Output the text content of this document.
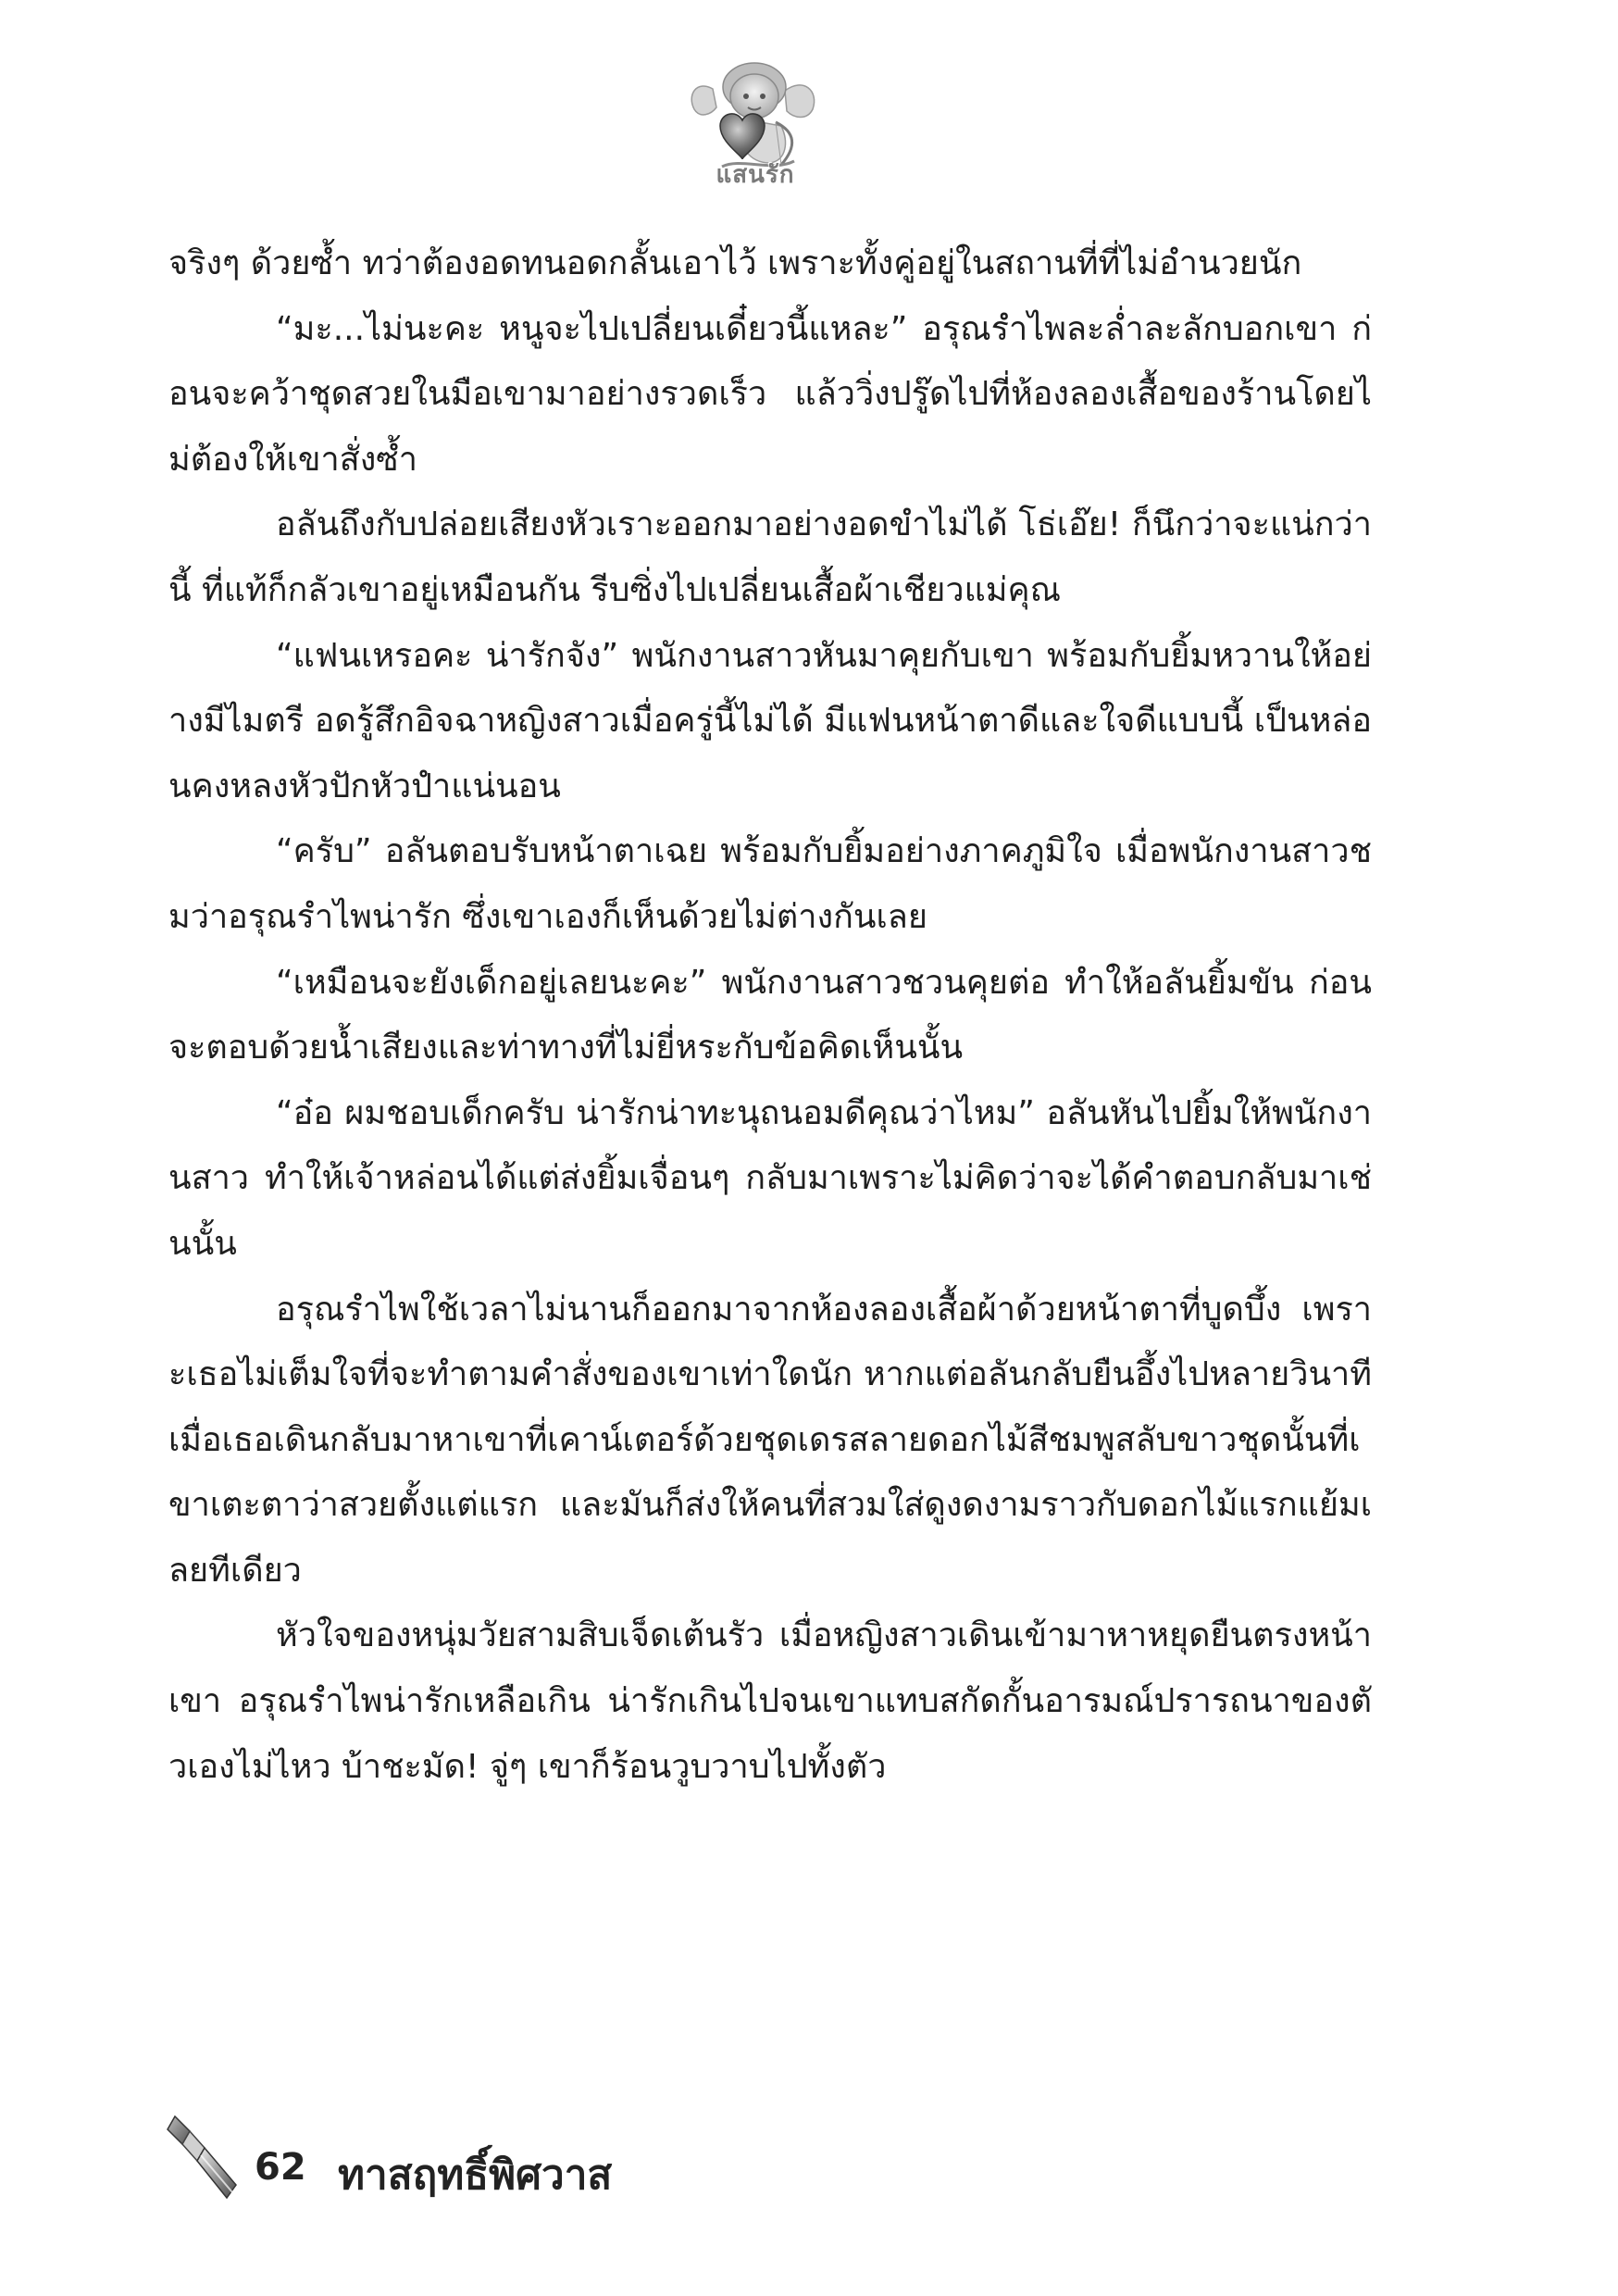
แสนรัก

จริงๆ ด้วยซ้ำ ทว่าต้องอดทนอดกลั้นเอาไว้ เพราะทั้งคู่อยู่ในสถานที่ที่ไม่อำนวยนัก

“มะ...ไม่นะคะ หนูจะไปเปลี่ยนเดี๋ยวนี้แหละ” อรุณรำไพละล่ำละลักบอกเขา ก่อนจะคว้าชุดสวยในมือเขามาอย่างรวดเร็ว แล้ววิ่งปรู๊ดไปที่ห้องลองเสื้อของร้านโดยไม่ต้องให้เขาสั่งซ้ำ

อลันถึงกับปล่อยเสียงหัวเราะออกมาอย่างอดขำไม่ได้ โธ่เอ๊ย! ก็นึกว่าจะแน่กว่านี้ ที่แท้ก็กลัวเขาอยู่เหมือนกัน รีบซิ่งไปเปลี่ยนเสื้อผ้าเชียวแม่คุณ

“แฟนเหรอคะ น่ารักจัง” พนักงานสาวหันมาคุยกับเขา พร้อมกับยิ้มหวานให้อย่างมีไมตรี อดรู้สึกอิจฉาหญิงสาวเมื่อครู่นี้ไม่ได้ มีแฟนหน้าตาดีและใจดีแบบนี้ เป็นหล่อนคงหลงหัวปักหัวปำแน่นอน

“ครับ” อลันตอบรับหน้าตาเฉย พร้อมกับยิ้มอย่างภาคภูมิใจ เมื่อพนักงานสาวชมว่าอรุณรำไพน่ารัก ซึ่งเขาเองก็เห็นด้วยไม่ต่างกันเลย

“เหมือนจะยังเด็กอยู่เลยนะคะ” พนักงานสาวชวนคุยต่อ ทำให้อลันยิ้มขัน ก่อนจะตอบด้วยน้ำเสียงและท่าทางที่ไม่ยี่หระกับข้อคิดเห็นนั้น

“อ๋อ ผมชอบเด็กครับ น่ารักน่าทะนุถนอมดีคุณว่าไหม” อลันหันไปยิ้มให้พนักงานสาว ทำให้เจ้าหล่อนได้แต่ส่งยิ้มเจื่อนๆ กลับมาเพราะไม่คิดว่าจะได้คำตอบกลับมาเช่นนั้น

อรุณรำไพใช้เวลาไม่นานก็ออกมาจากห้องลองเสื้อผ้าด้วยหน้าตาที่บูดบึ้ง เพราะเธอไม่เต็มใจที่จะทำตามคำสั่งของเขาเท่าใดนัก หากแต่อลันกลับยืนอึ้งไปหลายวินาที เมื่อเธอเดินกลับมาหาเขาที่เคาน์เตอร์ด้วยชุดเดรสลายดอกไม้สีชมพูสลับขาวชุดนั้นที่เขาเตะตาว่าสวยตั้งแต่แรก และมันก็ส่งให้คนที่สวมใส่ดูงดงามราวกับดอกไม้แรกแย้มเลยทีเดียว

หัวใจของหนุ่มวัยสามสิบเจ็ดเต้นรัว เมื่อหญิงสาวเดินเข้ามาหาหยุดยืนตรงหน้าเขา อรุณรำไพน่ารักเหลือเกิน น่ารักเกินไปจนเขาแทบสกัดกั้นอารมณ์ปรารถนาของตัวเองไม่ไหว บ้าชะมัด! จู่ๆ เขาก็ร้อนวูบวาบไปทั้งตัว

62 ทาสฤทธิ์พิศวาส
